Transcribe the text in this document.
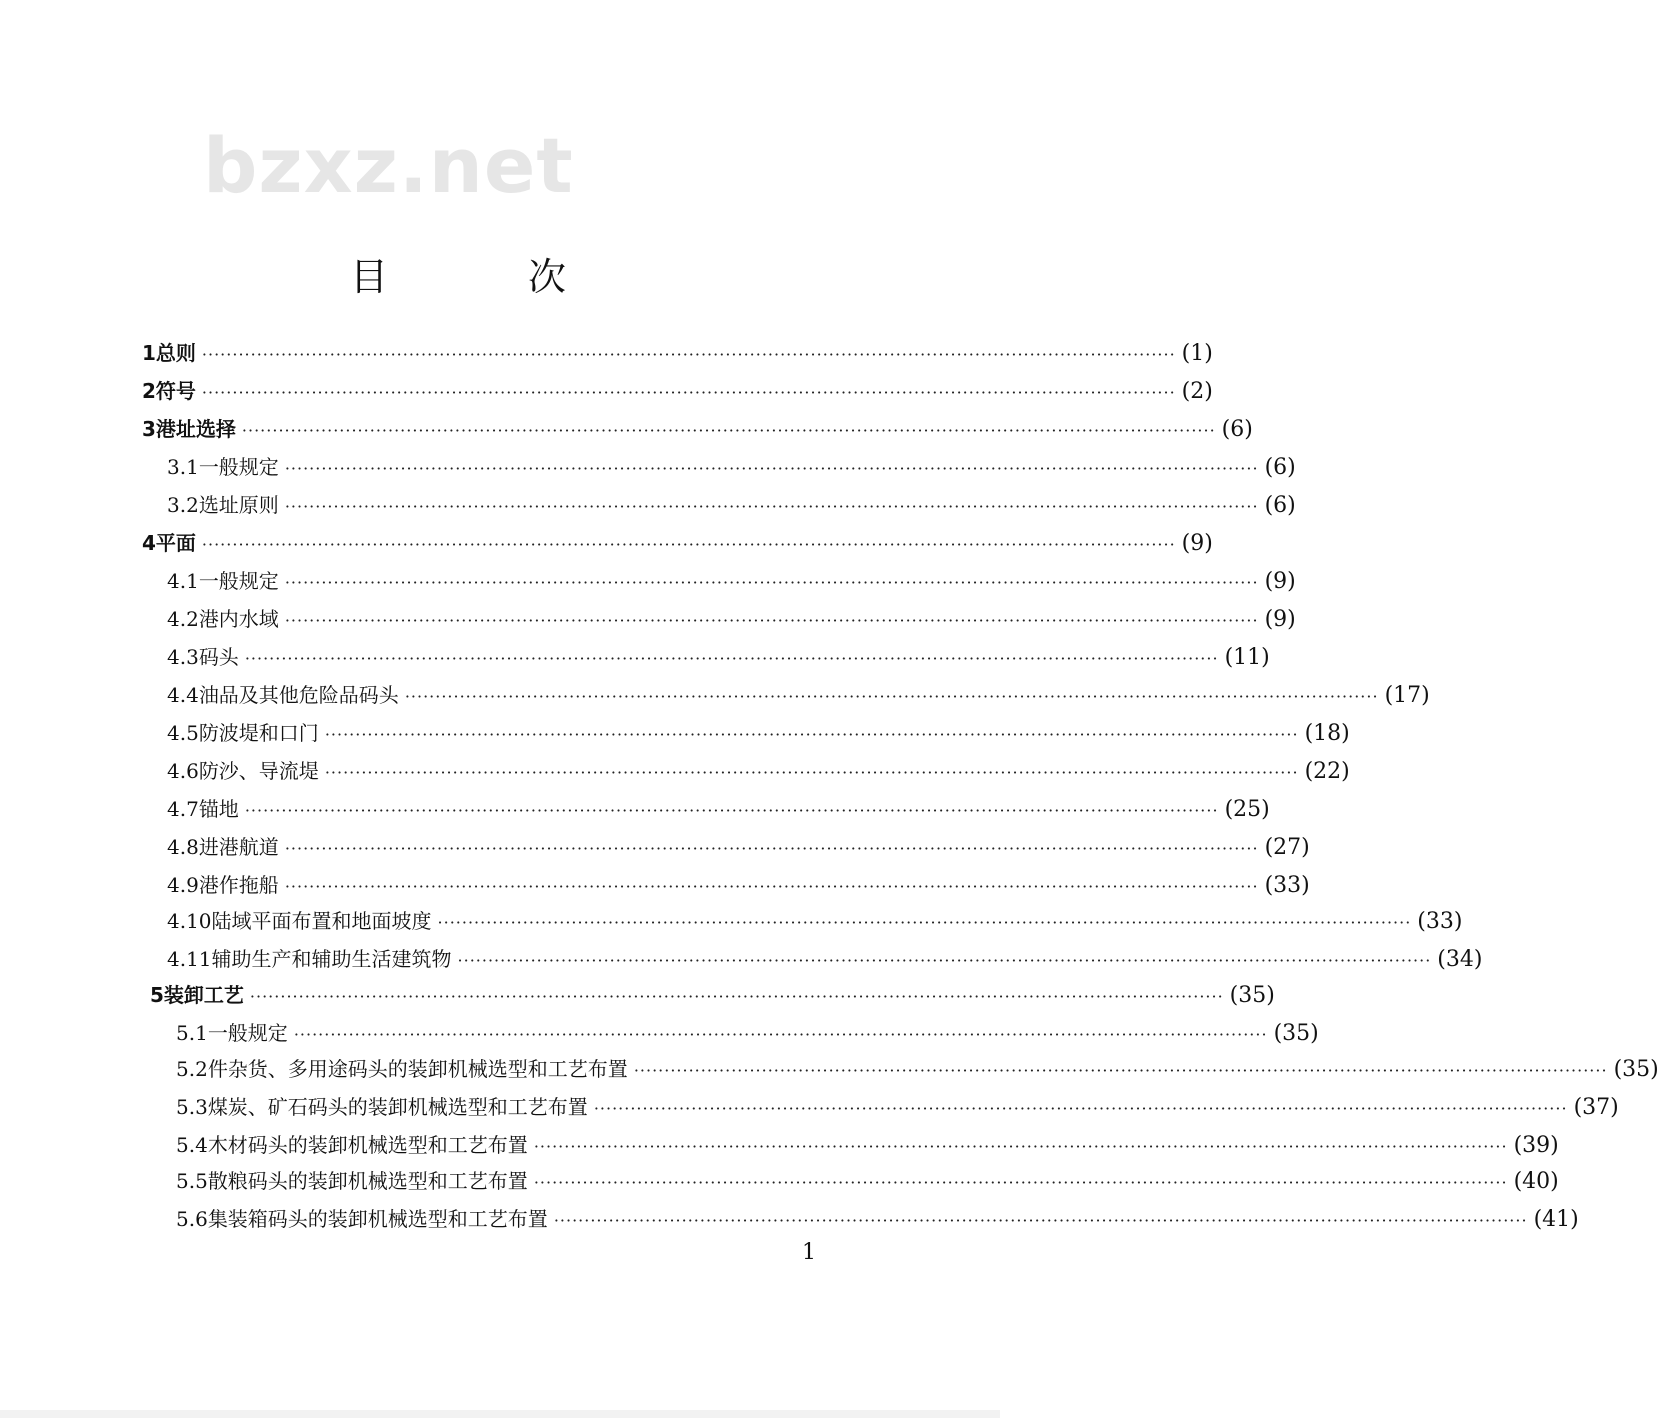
bzxz.net
目 次
1 总则 ································································································································································ (1)
2 符号 ································································································································································ (2)
3 港址选择 ································································································································································ (6)
3.1 一般规定 ································································································································································ (6)
3.2 选址原则 ································································································································································ (6)
4 平面 ································································································································································ (9)
4.1 一般规定 ································································································································································ (9)
4.2 港内水域 ································································································································································ (9)
4.3 码头 ································································································································································ (11)
4.4 油品及其他危险品码头 ································································································································································ (17)
4.5 防波堤和口门 ································································································································································ (18)
4.6 防沙、导流堤 ································································································································································ (22)
4.7 锚地 ································································································································································ (25)
4.8 进港航道 ································································································································································ (27)
4.9 港作拖船 ································································································································································ (33)
4.10 陆域平面布置和地面坡度 ································································································································································ (33)
4.11 辅助生产和辅助生活建筑物 ································································································································································ (34)
5 装卸工艺 ································································································································································ (35)
5.1 一般规定 ································································································································································ (35)
5.2 件杂货、多用途码头的装卸机械选型和工艺布置 ································································································································································ (35)
5.3 煤炭、矿石码头的装卸机械选型和工艺布置 ································································································································································ (37)
5.4 木材码头的装卸机械选型和工艺布置 ································································································································································ (39)
5.5 散粮码头的装卸机械选型和工艺布置 ································································································································································ (40)
5.6 集装箱码头的装卸机械选型和工艺布置 ································································································································································ (41)
1
